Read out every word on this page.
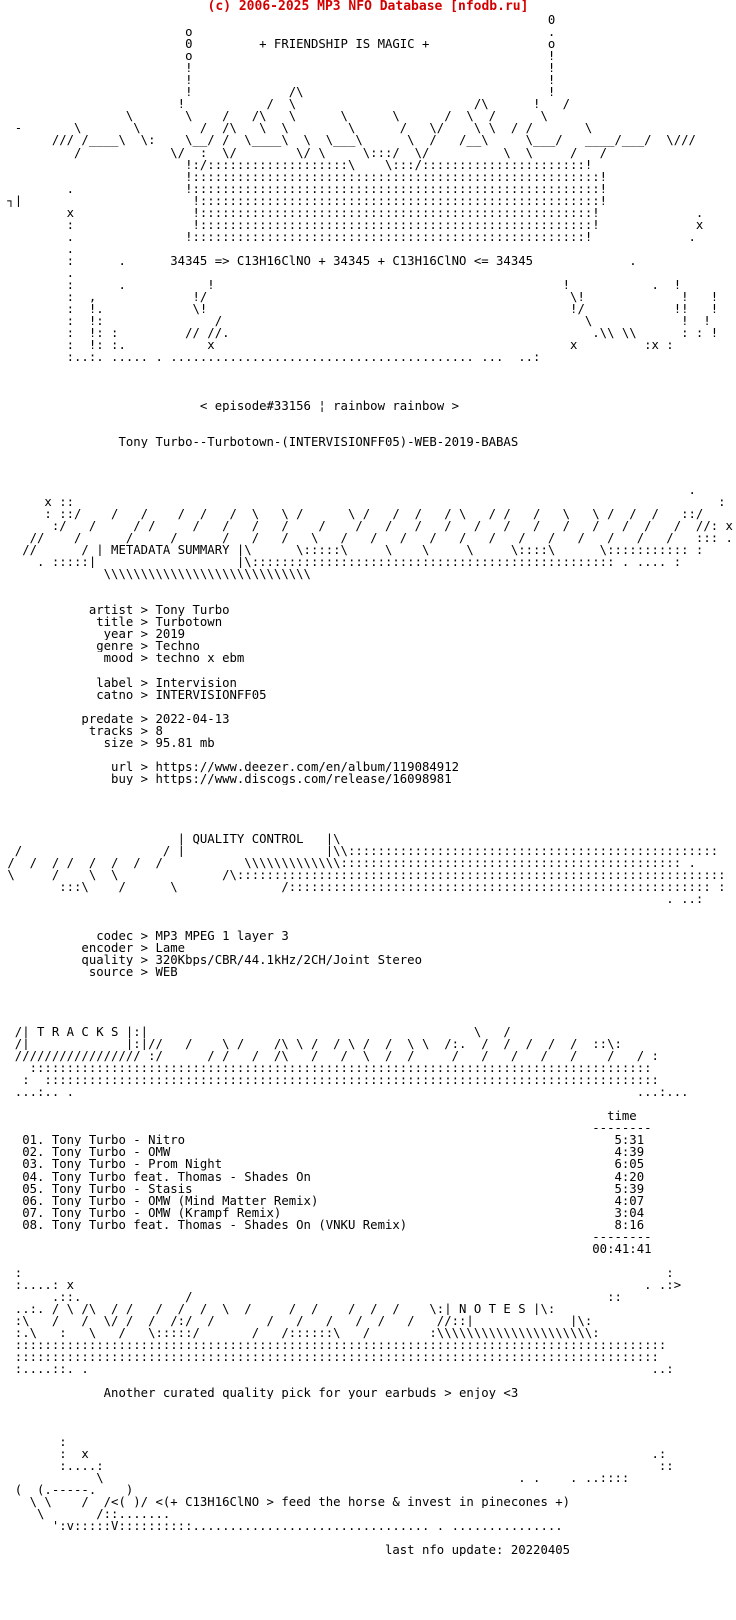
(c) 2006-2025 MP3 NFO Database [nfodb.ru]
0
o                                                .
0         + FRIENDSHIP IS MAGIC +                o
o                                                !
!                                                !
!                                                !
!             /\                                 !   _
______!___        /  \        _______         /\     _!___/
_______\       \____/   /\   \______\      \____  /  \  /      \_______
- ___ _ \____   \       _/  /\   \  \   _____\      /   \/    \ \__/ /___    \ _ ____ _
/// /____\  \:    \__/ /  \____\  \  \___\      \  /   /__\     \___/   ____/___/  \///
/____________\/  :  \/        \/ \_____\:::/  \/__________\_ \_____/___/
!:/:::::::::::::::::::\____\:::/::::::::::::::::::::::!
!:::::::::::::::::::::::::::::::::::::::::::::::::::::::!
.               !:::::::::::::::::::::::::::::::::::::::::::::::::::::::!
┐|                       !::::::::::::::::::::::::::::::::::::::::::::::::::::::!
x                !:::::::::::::::::::::::::::::::::::::::::::::::::::::!             .
:                !:::::::::::::::::::::::::::::::::::::::::::::::::::::!             x
.          _ ___!:::::::::::::::::::::::::::::::::::::::::::::::::::::!___ _        .
.
:      .      34345 => C13H16ClNO + 34345 + C13H16ClNO <= 34345             .
.
:      .      _ ___!_______________________________________________!___ _      .  !
:  ,            _!/                                                 \!_            !   !
:  !.            \!                                                 !/            !!   !
:  !:           _ __/                                                 \__ _        !  !
:  !: :         // //.                                                 .\\ \\      : : !
:  !: :.           x                                                x         :x :
:..:. ..... . ......................................... ...  ..:

< episode#33156 ¦ rainbow rainbow >

Tony_Turbo--Turbotown-(INTERVISIONFF05)-WEB-2019-BABAS

.
x ::  ____    _____   ____   ____   ______   ____   ____  ____   ____   ____   ____   ____ :
: ::/  __/   /  __/  /   /__\   \_/   _  \_/   /__/   /_\   /_/   /___\   \_/  /  /   ::/
__:/_  /___ _/ /___ _/   /   /   /    /  __/   /   /   /   /   /   /   /   /   /  /   /__//: x
_//____/______/_____/______/___/___/___\___/___/___/___/___/___/___/___/___/___/___/___/___::: .
//______/ | METADATA SUMMARY |\______\:::::\_____\____\_____\_____\::::\______\::::::::::: :
. :::::|___________________|\::::::::::::::::::::::::::::::::::::::::::::::::: . .... :
\\\\\\\\\\\\\\\\\\\\\\\\\\\\

artist > Tony Turbo
title > Turbotown
year > 2019
genre > Techno
mood > techno x ebm

label > Intervision
catno > INTERVISIONFF05

predate > 2022-04-13
tracks > 8
size > 95.81 mb

url > https://www.deezer.com/en/album/119084912
buy > https://www.discogs.com/release/16098981

____________________
___________________ | QUALITY CONTROL   |\
/  ___  ___   ___   / |___________________|\\::::::::::::::::::::::::::::::::::::::::::::::::::
/  /  /_/  /  /  /__/_________  \\\\\\\\\\\\\:::::::::::::::::::::::::::::::::::::::::::::: .
\_____/____\__\______________/\::::::::::::::::::::::::::::::::::::::::::::::::::::::::::::::::::
:::\____/      \______________/::::::::::::::::::::::::::::::::::::::::::::::::::::::::: :
. ..:

codec > MP3 MPEG 1 layer 3
encoder > Lame
quality > 320Kbps/CBR/44.1kHz/2CH/Joint Stereo
source > WEB

______________                                               _____
/| T R A C K S |:|     ______    ____     ____    ______      \___/__  ____    ___
/|_____________|:|//   /  _ \_/  __/\ \_/  /_\_/  /  \ \__/:.  /  /__/  /__/  ::\:
///////////////// :/______/_/___/__/\___/___/__\__/__/_____/___/___/___/___/____/___/ :
::::::::::::::::::::::::::::::::::::::::::::::::::::::::::::::::::::::::::::::::::::
:  :::::::::::::::::::::::::::::::::::::::::::::::::::::::::::::::::::::::::::::::::::
...:.. .                                                                            ...:...

time
--------
01. Tony Turbo - Nitro                                                          5:31
02. Tony Turbo - OMW                                                            4:39
03. Tony Turbo - Prom Night                                                     6:05
04. Tony Turbo feat. Thomas - Shades On                                         4:20
05. Tony Turbo - Stasis                                                         5:39
06. Tony Turbo - OMW (Mind Matter Remix)                                        4:07
07. Tony Turbo - OMW (Krampf Remix)                                             3:04
08. Tony Turbo feat. Thomas - Shades On (VNKU Remix)                            8:16
--------
00:41:41

:                                                                                       :
:....: x                 _                                                           . .:>
.::.         _____/_____       ____________      ____      _______________ ::
..:._/_\_/\  /_/  _/  /__/  \__/     /__/____/__/__/____\:| N O T E S |\:
:\___/___/__\/ /__/  /:/__/_______/___/___/___/__/___/___//::|_____________|\:
:.\___:___\___/___\:::::/_______/___/::::::\___/________:\\\\\\\\\\\\\\\\\\\\\:
::::::::::::::::::::::::::::::::::::::::::::::::::::::::::::::::::::::::::::::::::::::::
:::::::::::::::::::::::::::::::::::::::::::::::::::::::::::::::::::::::::::::::::::::::
:....::. .                                                                            ..:

Another curated quality pick for your earbuds > enjoy <3

:
:  x                                                                            .:
:....:                                                                           ::
_________\__                                                      . .    . ..::::
(  (.-----.    )
\ \____/  /<(_)/ <(+ C13H16ClNO > feed the horse & invest in pinecones +)
\_______/::.......
':v:::::V::::::::::................................ . ...............

last nfo update: 20220405
